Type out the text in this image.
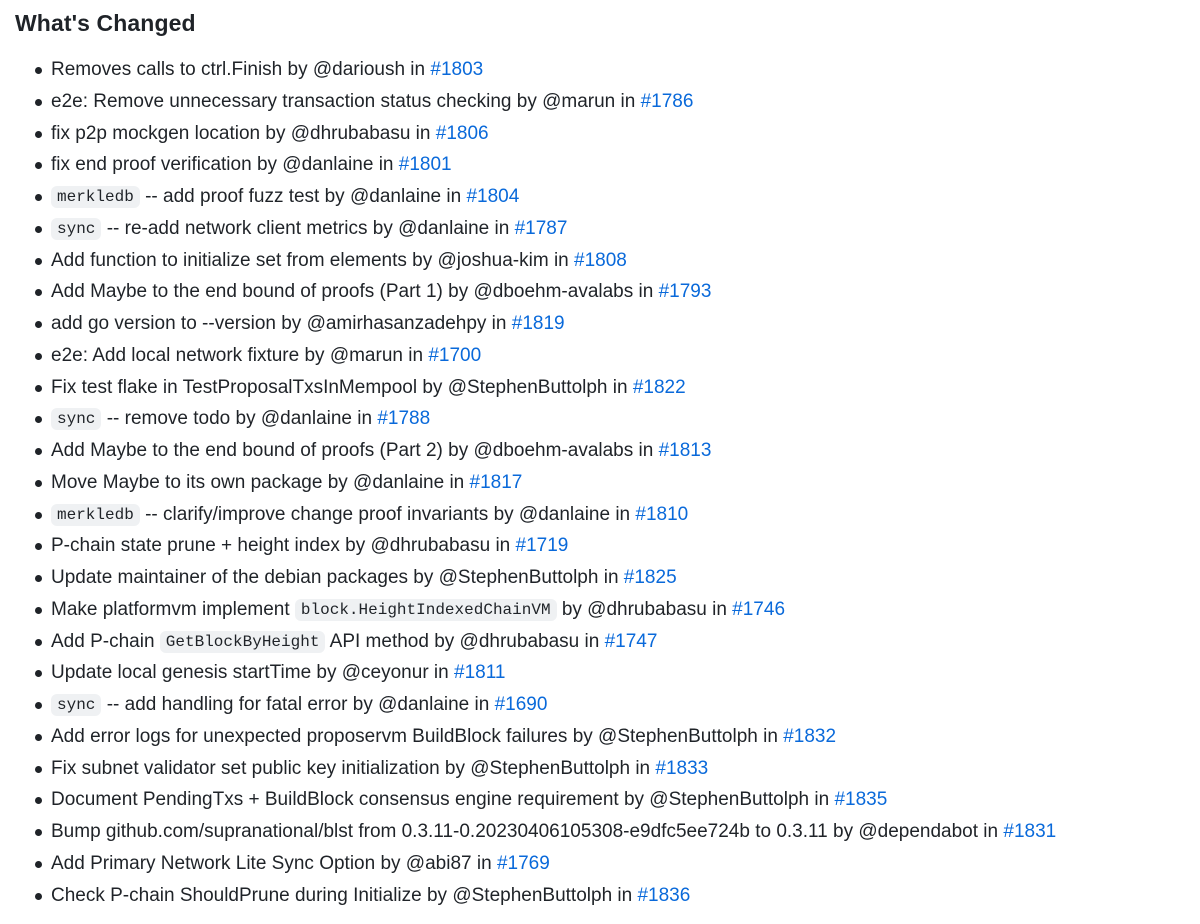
What's Changed
Removes calls to ctrl.Finish by @darioush in #1803
e2e: Remove unnecessary transaction status checking by @marun in #1786
fix p2p mockgen location by @dhrubabasu in #1806
fix end proof verification by @danlaine in #1801
merkledb -- add proof fuzz test by @danlaine in #1804
sync -- re-add network client metrics by @danlaine in #1787
Add function to initialize set from elements by @joshua-kim in #1808
Add Maybe to the end bound of proofs (Part 1) by @dboehm-avalabs in #1793
add go version to --version by @amirhasanzadehpy in #1819
e2e: Add local network fixture by @marun in #1700
Fix test flake in TestProposalTxsInMempool by @StephenButtolph in #1822
sync -- remove todo by @danlaine in #1788
Add Maybe to the end bound of proofs (Part 2) by @dboehm-avalabs in #1813
Move Maybe to its own package by @danlaine in #1817
merkledb -- clarify/improve change proof invariants by @danlaine in #1810
P-chain state prune + height index by @dhrubabasu in #1719
Update maintainer of the debian packages by @StephenButtolph in #1825
Make platformvm implement block.HeightIndexedChainVM by @dhrubabasu in #1746
Add P-chain GetBlockByHeight API method by @dhrubabasu in #1747
Update local genesis startTime by @ceyonur in #1811
sync -- add handling for fatal error by @danlaine in #1690
Add error logs for unexpected proposervm BuildBlock failures by @StephenButtolph in #1832
Fix subnet validator set public key initialization by @StephenButtolph in #1833
Document PendingTxs + BuildBlock consensus engine requirement by @StephenButtolph in #1835
Bump github.com/supranational/blst from 0.3.11-0.20230406105308-e9dfc5ee724b to 0.3.11 by @dependabot in #1831
Add Primary Network Lite Sync Option by @abi87 in #1769
Check P-chain ShouldPrune during Initialize by @StephenButtolph in #1836
